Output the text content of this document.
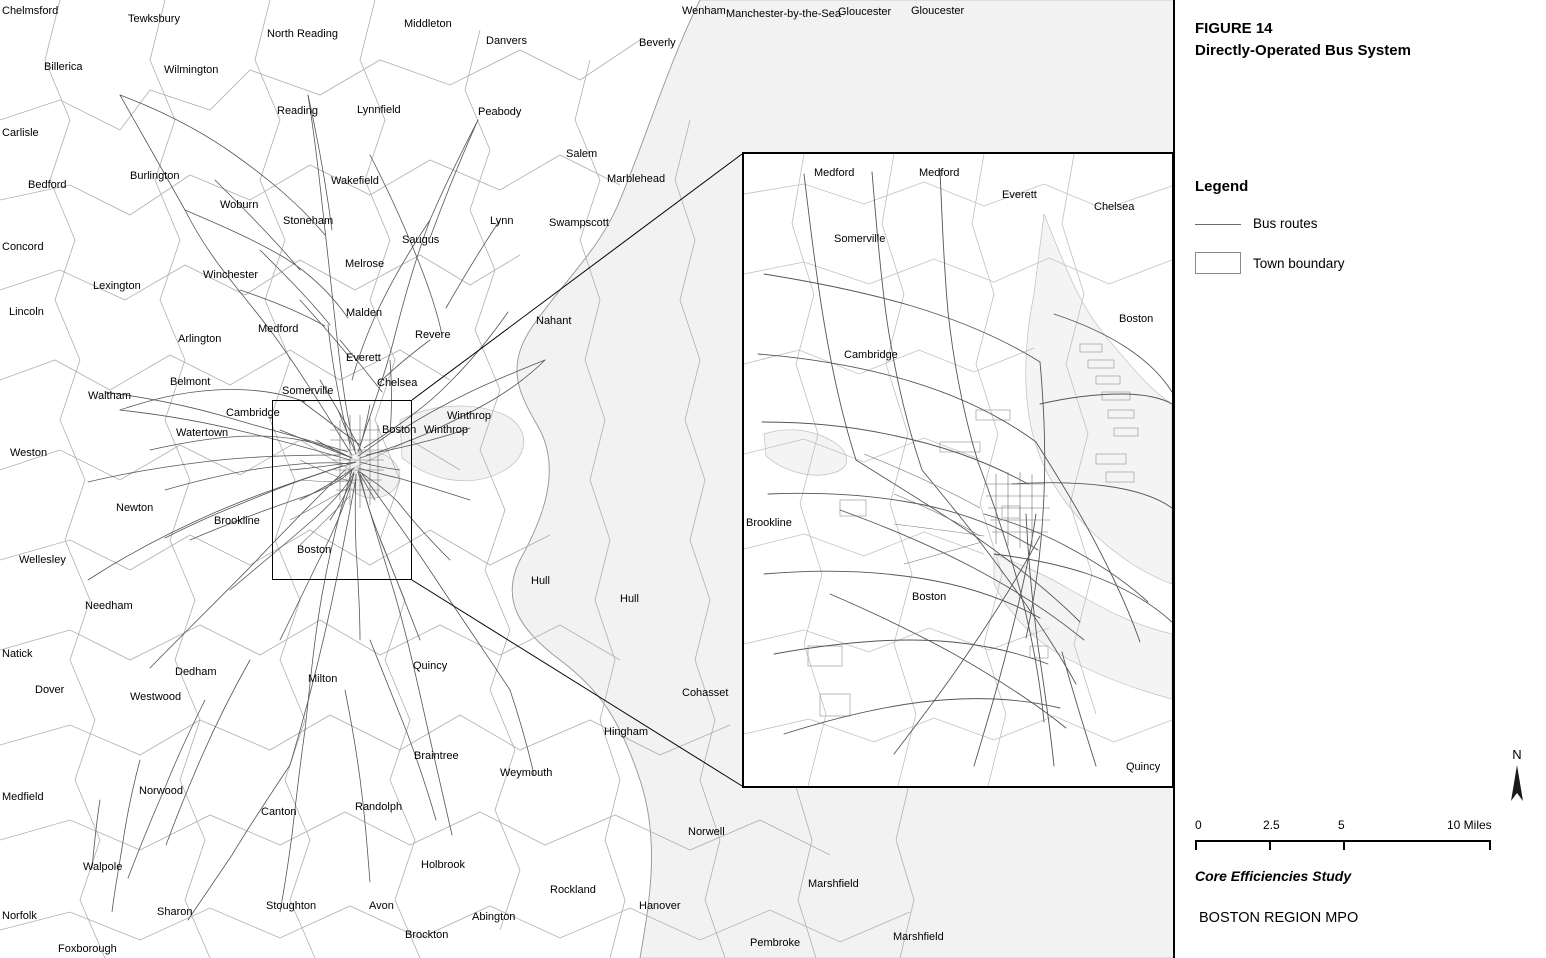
Chelmsford
Tewksbury
North Reading
Middleton
Wenham Manchester-by-the-Sea
Gloucester Gloucester
Danvers	Beverly
Billerica	Wilmington
Reading	Lynnfield	Peabody
Carlisle
Salem
Bedford
Burlington	Wakefield	Marblehead
Woburn
Stoneham	Lynn	Swampscott
Concord
Saugus
Melrose
Lexington
Winchester
Lincoln	Malden
Nahant
Arlington
Medford	Revere
Everett
Belmont
Somerville
Chelsea
Waltham
Cambridge	Winthrop
Watertown	Boston Winthrop
Weston
Newton
Brookline
Wellesley
Boston
Hull
Hull
Needham
Natick
Dedham
Milton
Quincy
Cohasset
Dover
Westwood
Hingham
Braintree
Weymouth
Norwood
Medfield
Canton	Randolph
Norwell
Walpole	Holbrook
Rockland	Marshfield
Sharon	Stoughton	Avon
Abington
Hanover
Norfolk
Brockton
Pembroke	Marshfield
Foxborough
Medford	Medford
Everett
Chelsea
Somerville
Boston
Cambridge
Brookline
Boston
Quincy
FIGURE 14
Directly-Operated Bus System
Legend
Bus routes
Town boundary
N
0	2.5	5	10 Miles
Core Efficiencies Study
BOSTON REGION MPO
